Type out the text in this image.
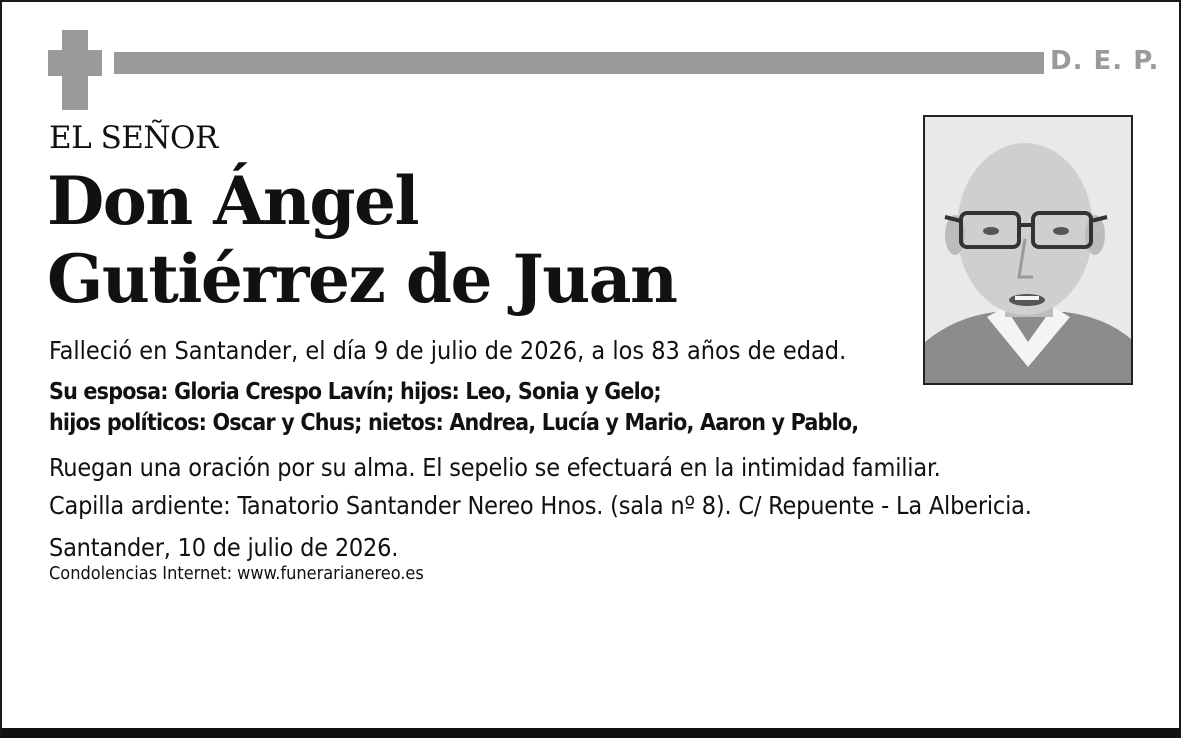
D. E. P.
EL SEÑOR
Don Ángel
Gutiérrez de Juan
Falleció en Santander, el día 9 de julio de 2026, a los 83 años de edad.
Su esposa: Gloria Crespo Lavín; hijos: Leo, Sonia y Gelo;
hijos políticos: Oscar y Chus; nietos: Andrea, Lucía y Mario, Aaron y Pablo,
Ruegan una oración por su alma. El sepelio se efectuará en la intimidad familiar.
Capilla ardiente: Tanatorio Santander Nereo Hnos. (sala nº 8). C/ Repuente - La Albericia.
Santander, 10 de julio de 2026.
Condolencias Internet: www.funerarianereo.es
